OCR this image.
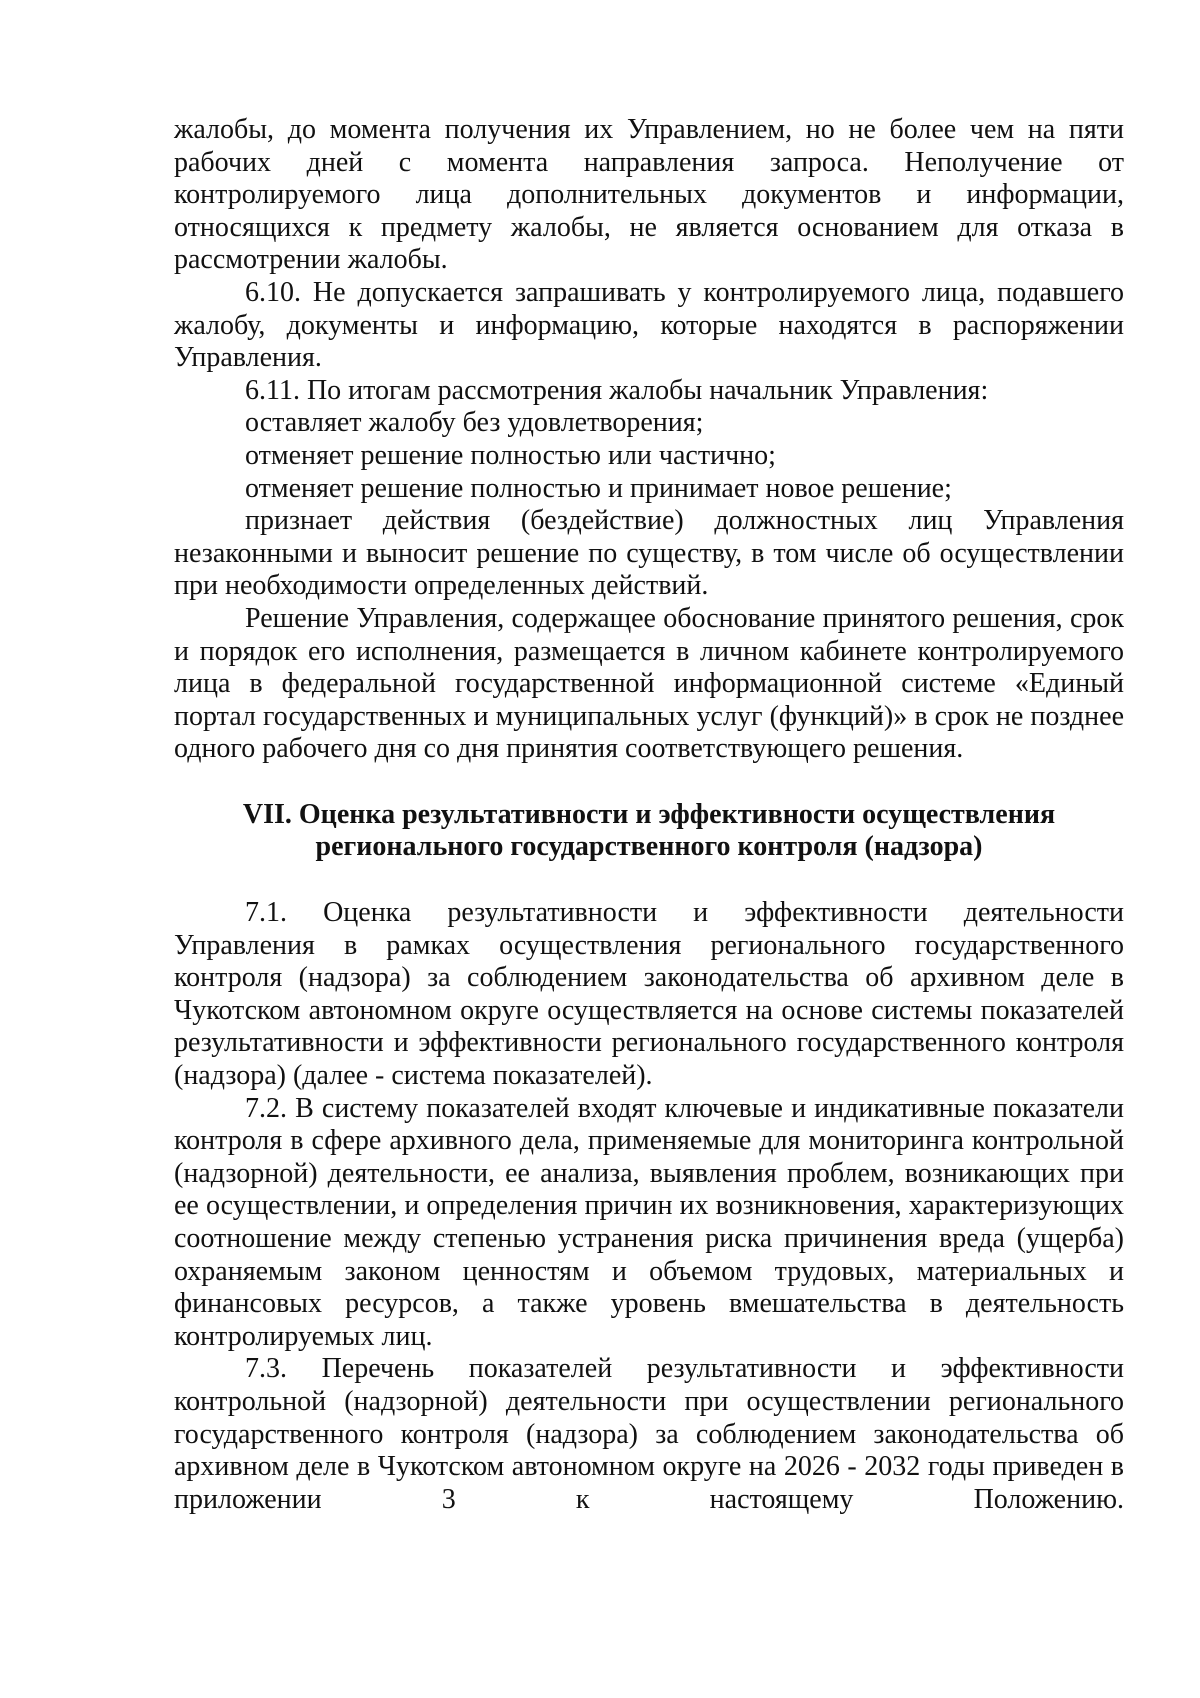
жалобы, до момента получения их Управлением, но не более чем на пяти рабочих дней с момента направления запроса. Неполучение от контролируемого лица дополнительных документов и информации, относящихся к предмету жалобы, не является основанием для отказа в рассмотрении жалобы.

6.10. Не допускается запрашивать у контролируемого лица, подавшего жалобу, документы и информацию, которые находятся в распоряжении Управления.

6.11. По итогам рассмотрения жалобы начальник Управления:

оставляет жалобу без удовлетворения;

отменяет решение полностью или частично;

отменяет решение полностью и принимает новое решение;

признает действия (бездействие) должностных лиц Управления незаконными и выносит решение по существу, в том числе об осуществлении при необходимости определенных действий.

Решение Управления, содержащее обоснование принятого решения, срок и порядок его исполнения, размещается в личном кабинете контролируемого лица в федеральной государственной информационной системе «Единый портал государственных и муниципальных услуг (функций)» в срок не позднее одного рабочего дня со дня принятия соответствующего решения.

VII. Оценка результативности и эффективности осуществления
регионального государственного контроля (надзора)

7.1. Оценка результативности и эффективности деятельности Управления в рамках осуществления регионального государственного контроля (надзора) за соблюдением законодательства об архивном деле в Чукотском автономном округе осуществляется на основе системы показателей результативности и эффективности регионального государственного контроля (надзора) (далее - система показателей).

7.2. В систему показателей входят ключевые и индикативные показатели контроля в сфере архивного дела, применяемые для мониторинга контрольной (надзорной) деятельности, ее анализа, выявления проблем, возникающих при ее осуществлении, и определения причин их возникновения, характеризующих соотношение между степенью устранения риска причинения вреда (ущерба) охраняемым законом ценностям и объемом трудовых, материальных и финансовых ресурсов, а также уровень вмешательства в деятельность контролируемых лиц.

7.3. Перечень показателей результативности и эффективности контрольной (надзорной) деятельности при осуществлении регионального государственного контроля (надзора) за соблюдением законодательства об архивном деле в Чукотском автономном округе на 2026 - 2032 годы приведен в приложении 3 к настоящему Положению.
